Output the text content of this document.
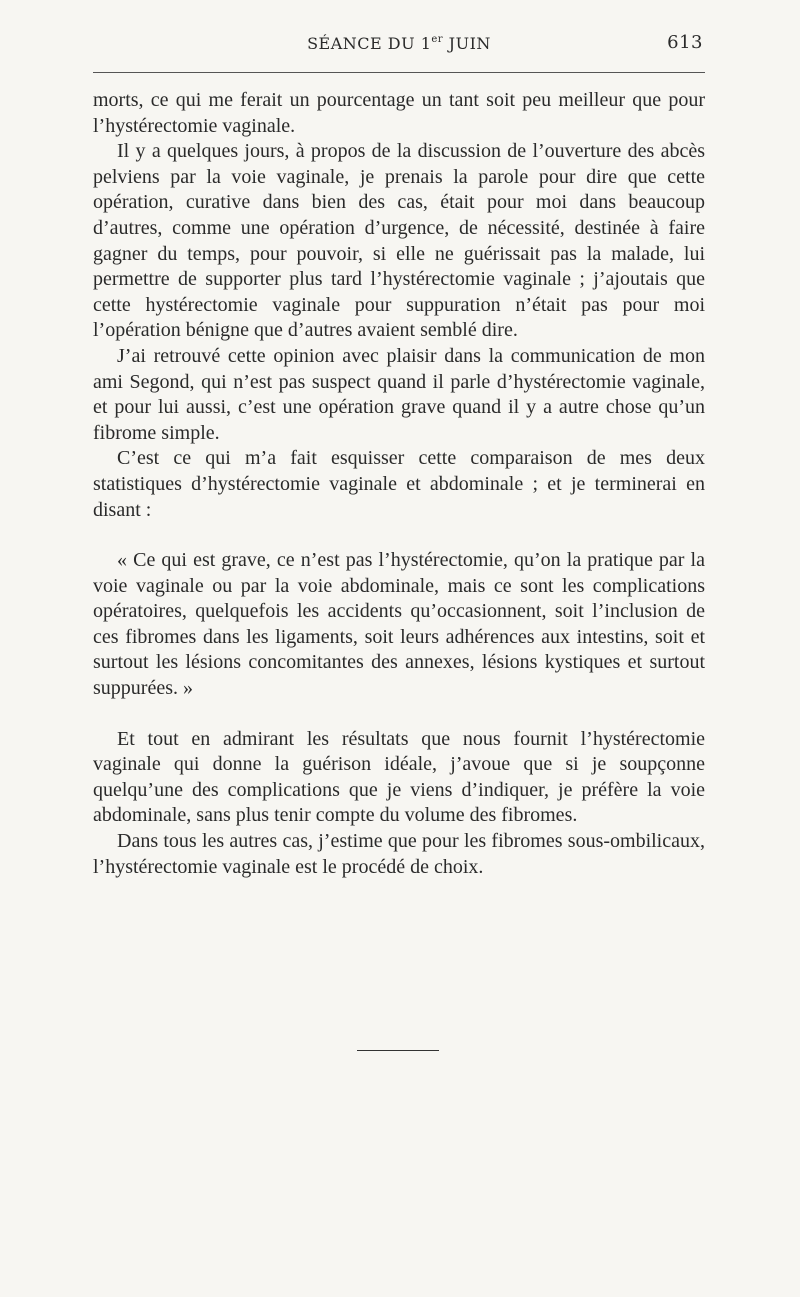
SÉANCE DU 1er JUIN	613

morts, ce qui me ferait un pourcentage un tant soit peu meilleur que pour l’hystérectomie vaginale.

Il y a quelques jours, à propos de la discussion de l’ouverture des abcès pelviens par la voie vaginale, je prenais la parole pour dire que cette opération, curative dans bien des cas, était pour moi dans beaucoup d’autres, comme une opération d’urgence, de nécessité, destinée à faire gagner du temps, pour pouvoir, si elle ne guérissait pas la malade, lui permettre de supporter plus tard l’hystérectomie vaginale ; j’ajoutais que cette hystérectomie vaginale pour suppuration n’était pas pour moi l’opération bénigne que d’autres avaient semblé dire.

J’ai retrouvé cette opinion avec plaisir dans la communication de mon ami Segond, qui n’est pas suspect quand il parle d’hystérectomie vaginale, et pour lui aussi, c’est une opération grave quand il y a autre chose qu’un fibrome simple.

C’est ce qui m’a fait esquisser cette comparaison de mes deux statistiques d’hystérectomie vaginale et abdominale ; et je terminerai en disant :

« Ce qui est grave, ce n’est pas l’hystérectomie, qu’on la pratique par la voie vaginale ou par la voie abdominale, mais ce sont les complications opératoires, quelquefois les accidents qu’occasionnent, soit l’inclusion de ces fibromes dans les ligaments, soit leurs adhérences aux intestins, soit et surtout les lésions concomitantes des annexes, lésions kystiques et surtout suppurées. »

Et tout en admirant les résultats que nous fournit l’hystérectomie vaginale qui donne la guérison idéale, j’avoue que si je soupçonne quelqu’une des complications que je viens d’indiquer, je préfère la voie abdominale, sans plus tenir compte du volume des fibromes.

Dans tous les autres cas, j’estime que pour les fibromes sous-ombilicaux, l’hystérectomie vaginale est le procédé de choix.
